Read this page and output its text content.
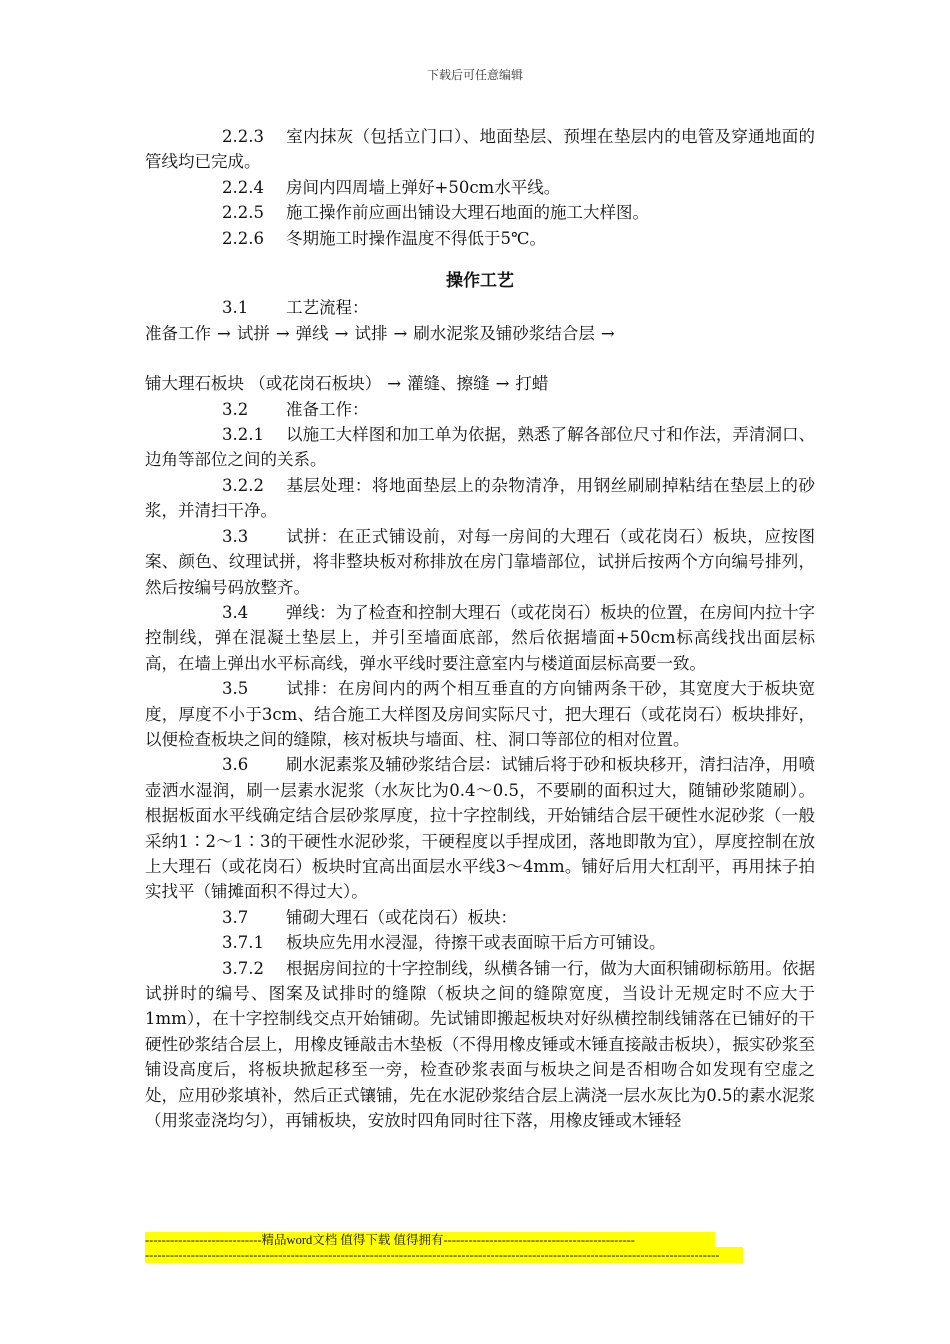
下载后可任意编辑

2.2.3 室内抹灰（包括立门口）、地面垫层、预埋在垫层内的电管及穿通地面的管线均已完成。

2.2.4 房间内四周墙上弹好+50cm水平线。

2.2.5 施工操作前应画出铺设大理石地面的施工大样图。

2.2.6 冬期施工时操作温度不得低于5℃。

操作工艺

3.1 工艺流程：

准备工作 → 试拼 → 弹线 → 试排 → 刷水泥浆及铺砂浆结合层 →

铺大理石板块 （或花岗石板块） → 灌缝、擦缝 → 打蜡

3.2 准备工作：

3.2.1 以施工大样图和加工单为依据，熟悉了解各部位尺寸和作法，弄清洞口、边角等部位之间的关系。

3.2.2 基层处理：将地面垫层上的杂物清净，用钢丝刷刷掉粘结在垫层上的砂浆，并清扫干净。

3.3 试拼：在正式铺设前，对每一房间的大理石（或花岗石）板块，应按图案、颜色、纹理试拼，将非整块板对称排放在房门靠墙部位，试拼后按两个方向编号排列，然后按编号码放整齐。

3.4 弹线：为了检查和控制大理石（或花岗石）板块的位置，在房间内拉十字控制线，弹在混凝土垫层上，并引至墙面底部，然后依据墙面+50cm标高线找出面层标高，在墙上弹出水平标高线，弹水平线时要注意室内与楼道面层标高要一致。

3.5 试排：在房间内的两个相互垂直的方向铺两条干砂，其宽度大于板块宽度，厚度不小于3cm、结合施工大样图及房间实际尺寸，把大理石（或花岗石）板块排好，以便检查板块之间的缝隙，核对板块与墙面、柱、洞口等部位的相对位置。

3.6 刷水泥素浆及辅砂浆结合层：试铺后将于砂和板块移开，清扫洁净，用喷壶洒水湿润，刷一层素水泥浆（水灰比为0.4～0.5，不要刷的面积过大，随铺砂浆随刷）。根据板面水平线确定结合层砂浆厚度，拉十字控制线，开始铺结合层干硬性水泥砂浆（一般采纳1∶2～1∶3的干硬性水泥砂浆，干硬程度以手捏成团，落地即散为宜），厚度控制在放上大理石（或花岗石）板块时宜高出面层水平线3～4mm。铺好后用大杠刮平，再用抹子拍实找平（铺摊面积不得过大）。

3.7 铺砌大理石（或花岗石）板块：

3.7.1 板块应先用水浸湿，待擦干或表面晾干后方可铺设。

3.7.2 根据房间拉的十字控制线，纵横各铺一行，做为大面积铺砌标筋用。依据试拼时的编号、图案及试排时的缝隙（板块之间的缝隙宽度，当设计无规定时不应大于1mm），在十字控制线交点开始铺砌。先试铺即搬起板块对好纵横控制线铺落在已铺好的干硬性砂浆结合层上，用橡皮锤敲击木垫板（不得用橡皮锤或木锤直接敲击板块），振实砂浆至铺设高度后，将板块掀起移至一旁，检查砂浆表面与板块之间是否相吻合如发现有空虚之处，应用砂浆填补，然后正式镶铺，先在水泥砂浆结合层上满浇一层水灰比为0.5的素水泥浆（用浆壶浇均匀），再铺板块，安放时四角同时往下落，用橡皮锤或木锤轻

----------------------------精品word文档 值得下载 值得拥有----------------------------------------------
------------------------------------------------------------------------------------------------------------------------------------------
